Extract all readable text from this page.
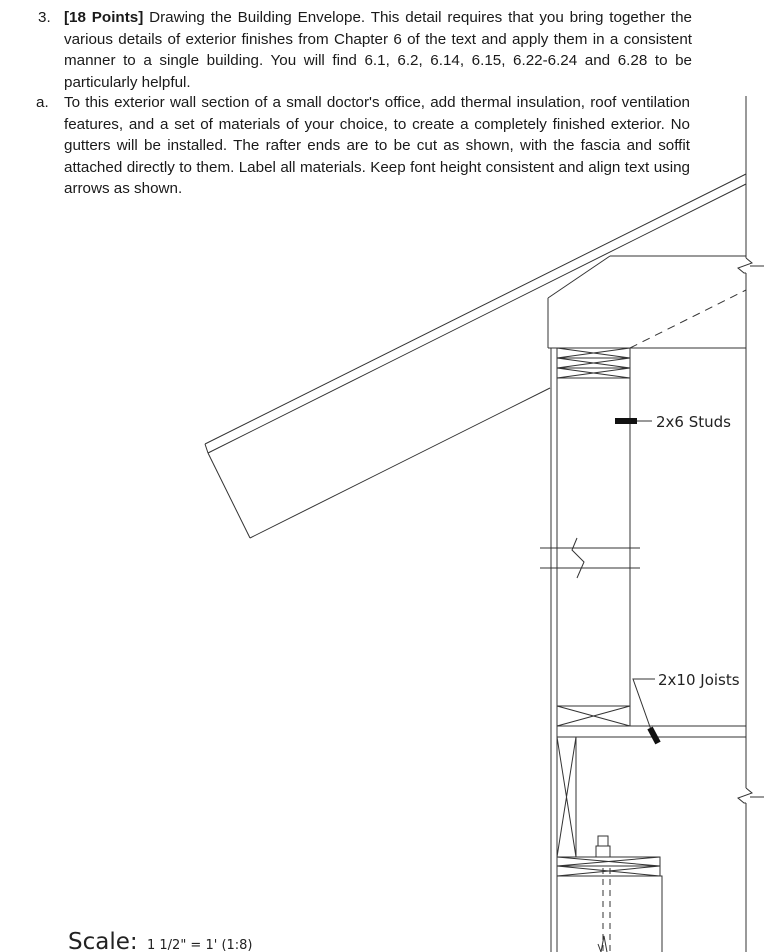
3. [18 Points] Drawing the Building Envelope. This detail requires that you bring together the various details of exterior finishes from Chapter 6 of the text and apply them in a consistent manner to a single building. You will find 6.1, 6.2, 6.14, 6.15, 6.22-6.24 and 6.28 to be particularly helpful.
a. To this exterior wall section of a small doctor's office, add thermal insulation, roof ventilation features, and a set of materials of your choice, to create a completely finished exterior. No gutters will be installed. The rafter ends are to be cut as shown, with the fascia and soffit attached directly to them. Label all materials. Keep font height consistent and align text using arrows as shown.
2x6 Studs
2x10 Joists
Scale: 1 1/2" = 1' (1:8)
